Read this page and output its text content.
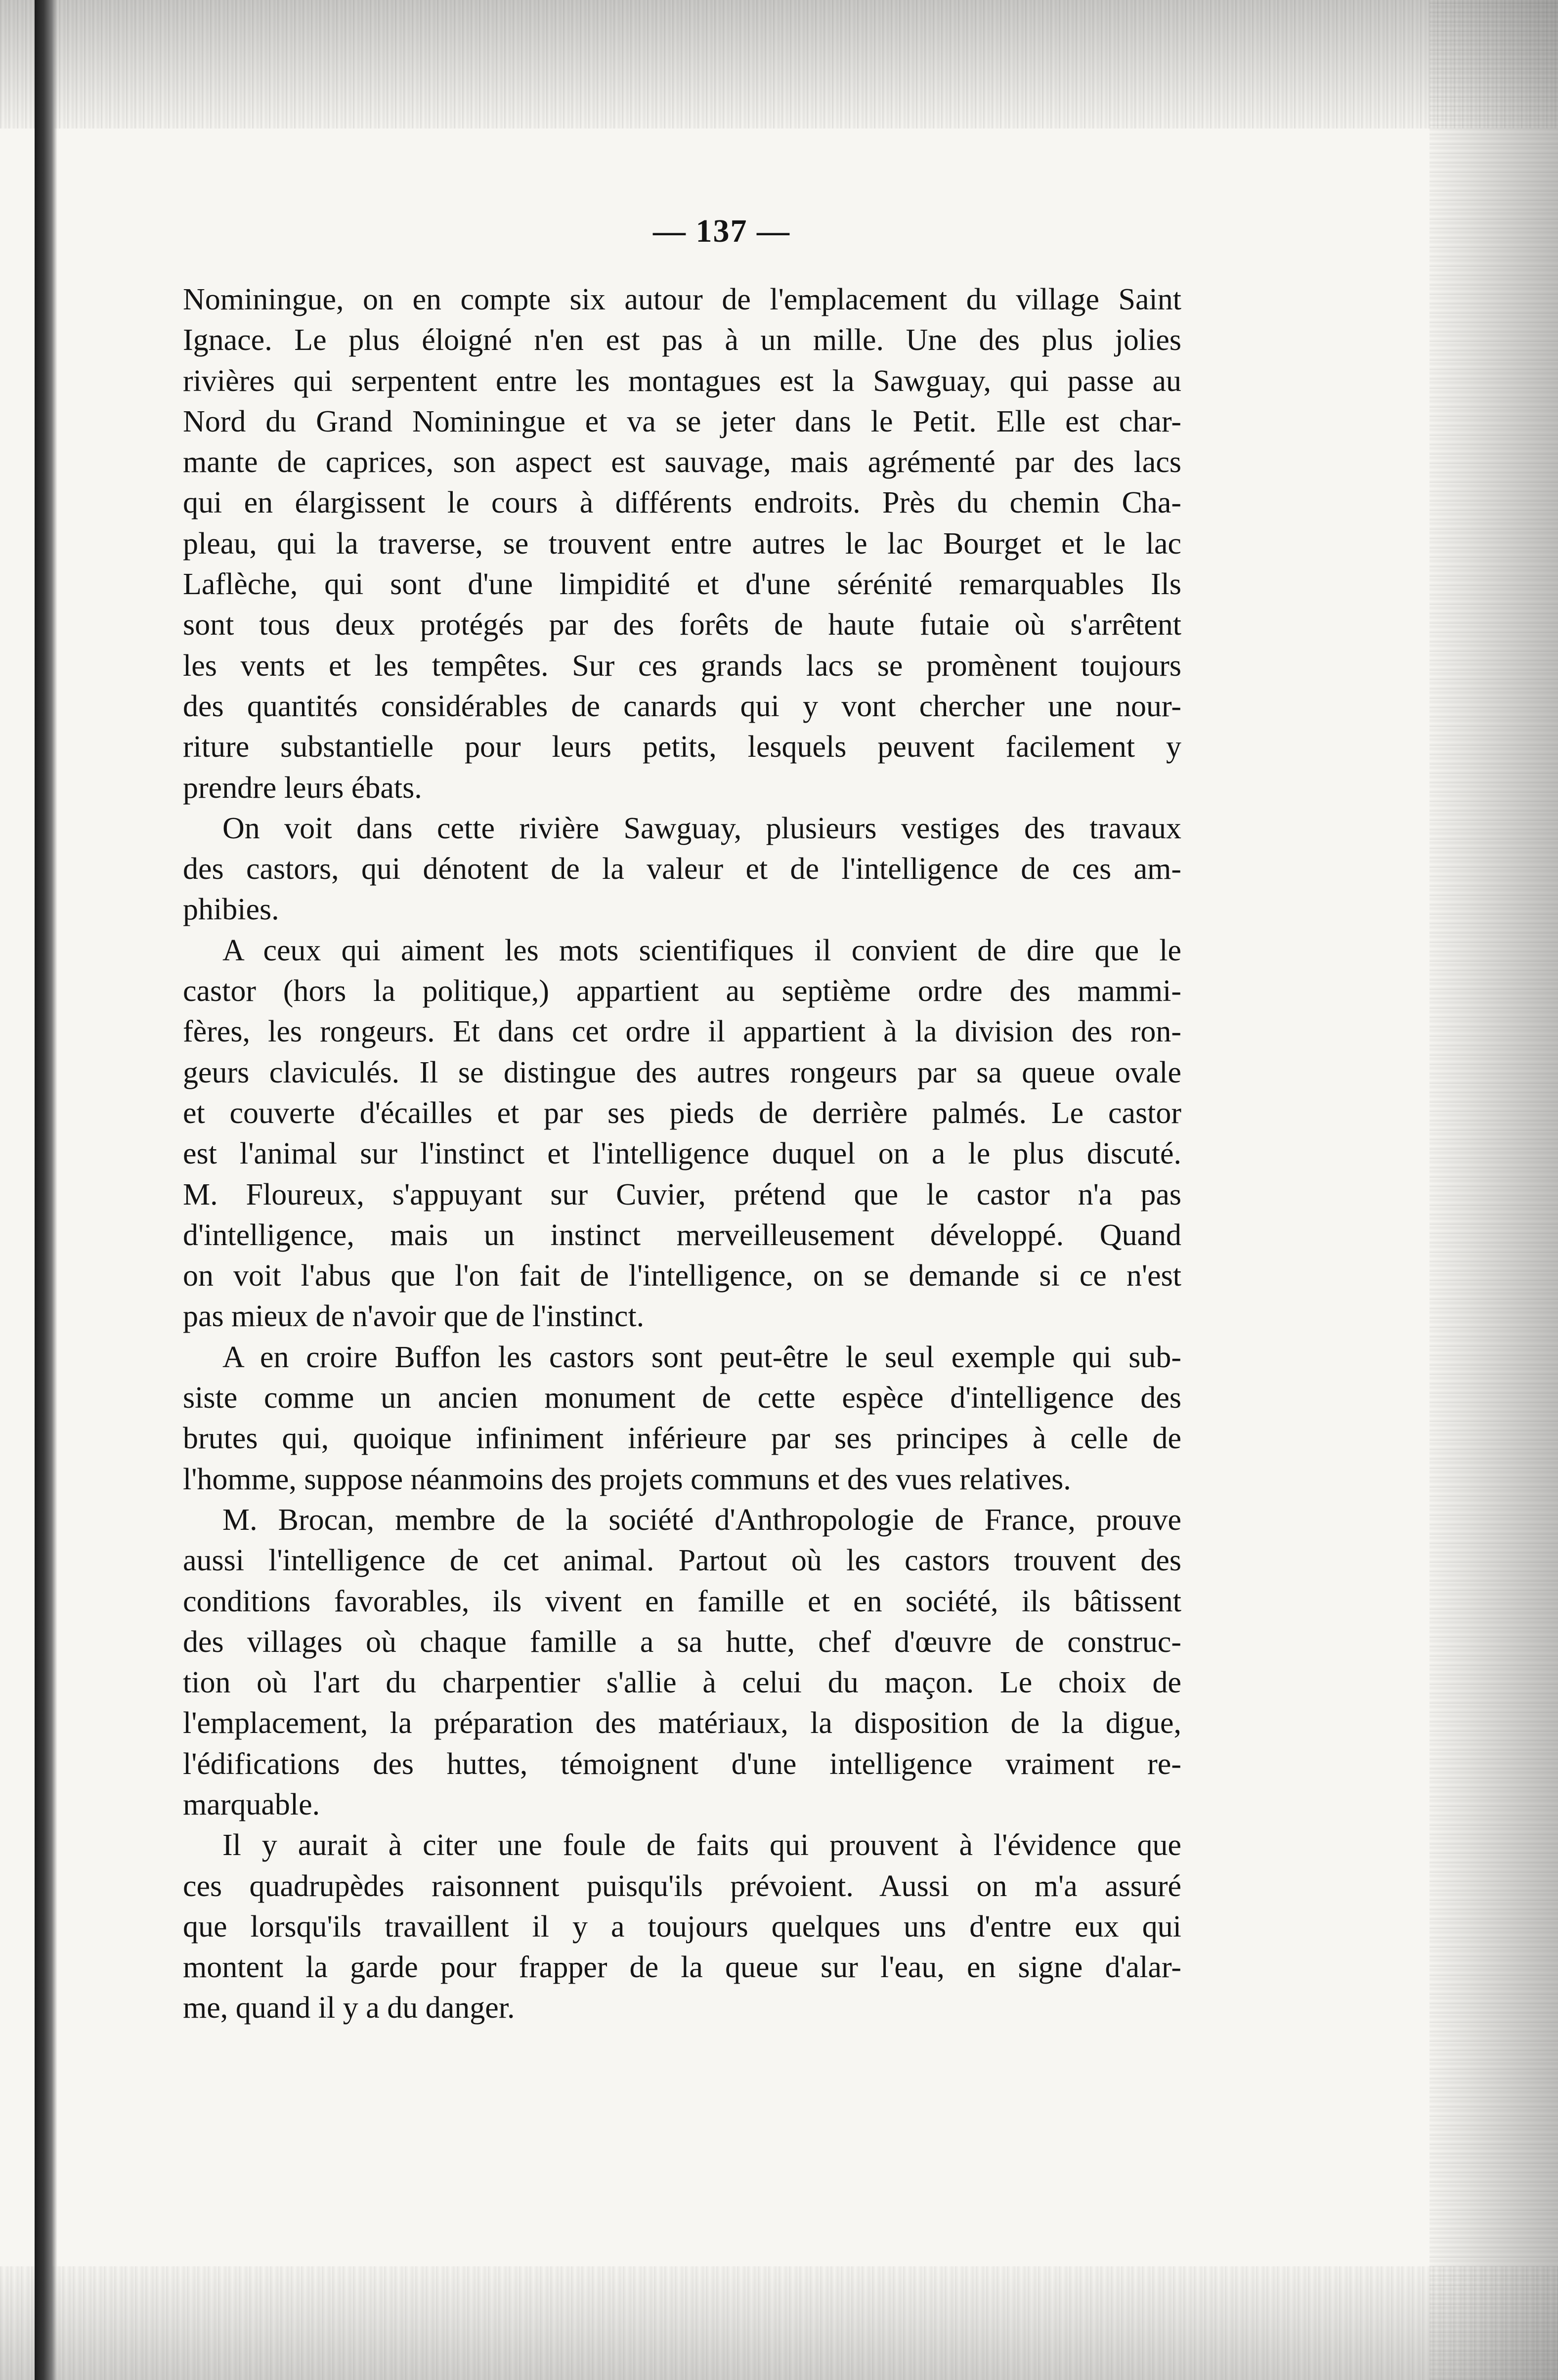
— 137 —

Nominingue, on en compte six autour de l'emplacement du village Saint
Ignace. Le plus éloigné n'en est pas à un mille. Une des plus jolies
rivières qui serpentent entre les montagues est la Sawguay, qui passe au
Nord du Grand Nominingue et va se jeter dans le Petit. Elle est char-
mante de caprices, son aspect est sauvage, mais agrémenté par des lacs
qui en élargissent le cours à différents endroits. Près du chemin Cha-
pleau, qui la traverse, se trouvent entre autres le lac Bourget et le lac
Laflèche, qui sont d'une limpidité et d'une sérénité remarquables Ils
sont tous deux protégés par des forêts de haute futaie où s'arrêtent
les vents et les tempêtes. Sur ces grands lacs se promènent toujours
des quantités considérables de canards qui y vont chercher une nour-
riture substantielle pour leurs petits, lesquels peuvent facilement y
prendre leurs ébats.

On voit dans cette rivière Sawguay, plusieurs vestiges des travaux
des castors, qui dénotent de la valeur et de l'intelligence de ces am-
phibies.

A ceux qui aiment les mots scientifiques il convient de dire que le
castor (hors la politique,) appartient au septième ordre des mammi-
fères, les rongeurs. Et dans cet ordre il appartient à la division des ron-
geurs claviculés. Il se distingue des autres rongeurs par sa queue ovale
et couverte d'écailles et par ses pieds de derrière palmés. Le castor
est l'animal sur l'instinct et l'intelligence duquel on a le plus discuté.
M. Floureux, s'appuyant sur Cuvier, prétend que le castor n'a pas
d'intelligence, mais un instinct merveilleusement développé. Quand
on voit l'abus que l'on fait de l'intelligence, on se demande si ce n'est
pas mieux de n'avoir que de l'instinct.

A en croire Buffon les castors sont peut-être le seul exemple qui sub-
siste comme un ancien monument de cette espèce d'intelligence des
brutes qui, quoique infiniment inférieure par ses principes à celle de
l'homme, suppose néanmoins des projets communs et des vues relatives.

M. Brocan, membre de la société d'Anthropologie de France, prouve
aussi l'intelligence de cet animal. Partout où les castors trouvent des
conditions favorables, ils vivent en famille et en société, ils bâtissent
des villages où chaque famille a sa hutte, chef d'œuvre de construc-
tion où l'art du charpentier s'allie à celui du maçon. Le choix de
l'emplacement, la préparation des matériaux, la disposition de la digue,
l'édifications des huttes, témoignent d'une intelligence vraiment re-
marquable.

Il y aurait à citer une foule de faits qui prouvent à l'évidence que
ces quadrupèdes raisonnent puisqu'ils prévoient. Aussi on m'a assuré
que lorsqu'ils travaillent il y a toujours quelques uns d'entre eux qui
montent la garde pour frapper de la queue sur l'eau, en signe d'alar-
me, quand il y a du danger.
